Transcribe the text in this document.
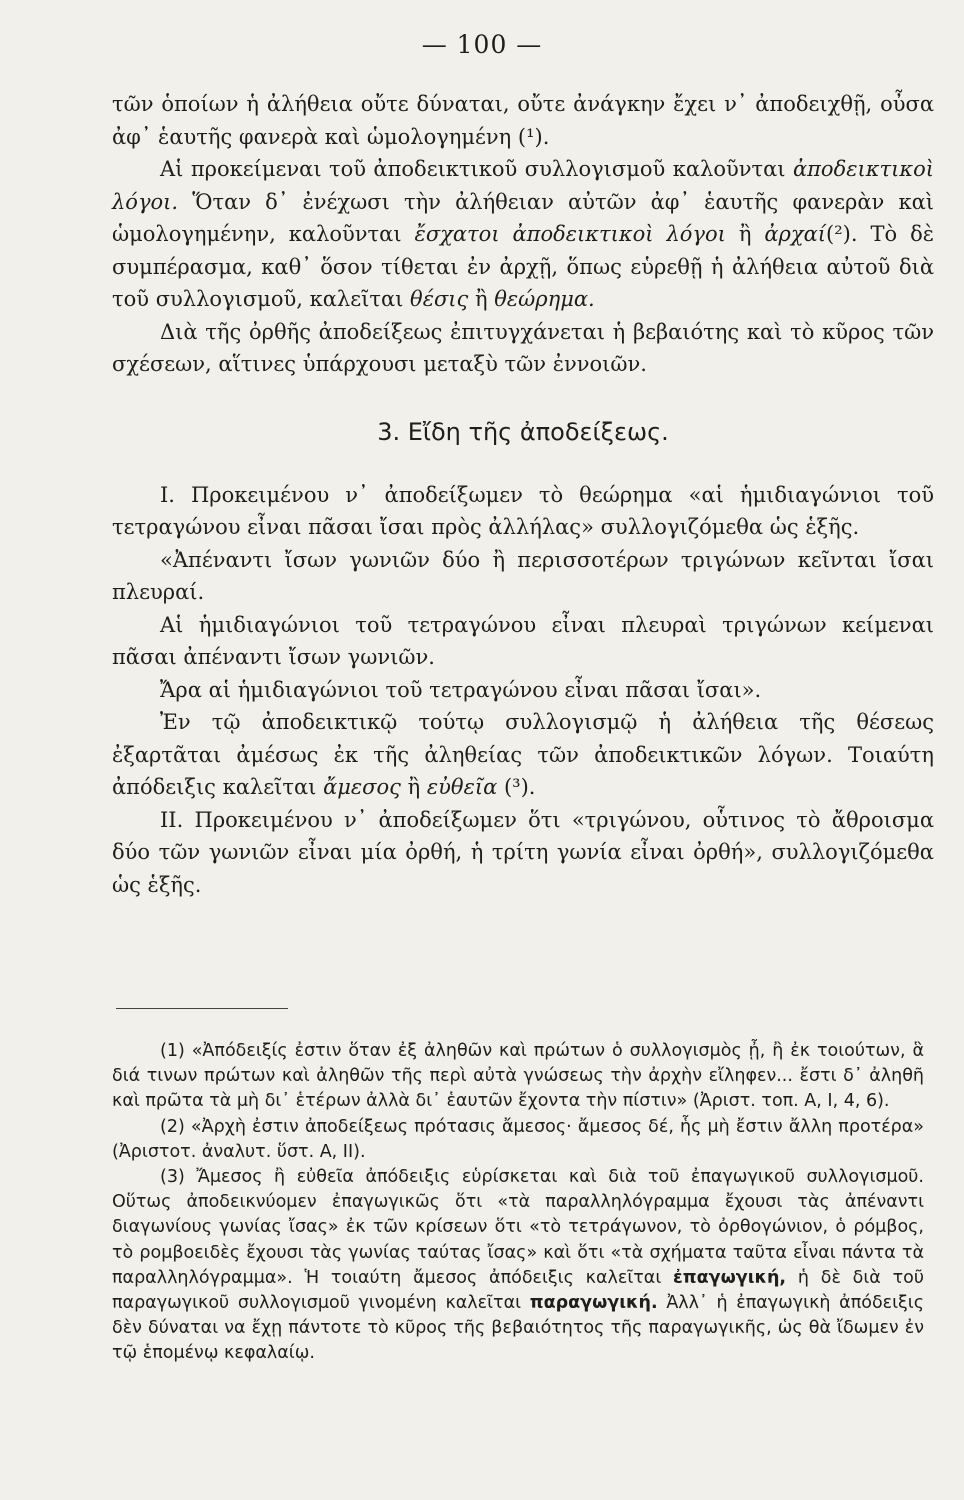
— 100 —

τῶν ὁποίων ἡ ἀλήθεια οὔτε δύναται, οὔτε ἀνάγκην ἔχει ν᾽ ἀποδειχθῇ, οὖσα ἀφ᾽ ἑαυτῆς φανερὰ καὶ ὡμολογημένη (¹).

Αἱ προκείμεναι τοῦ ἀποδεικτικοῦ συλλογισμοῦ καλοῦνται ἀποδεικτικοὶ λόγοι. Ὅταν δ᾽ ἐνέχωσι τὴν ἀλήθειαν αὐτῶν ἀφ᾽ ἑαυτῆς φανερὰν καὶ ὡμολογημένην, καλοῦνται ἔσχατοι ἀποδεικτικοὶ λόγοι ἢ ἀρχαί(²). Τὸ δὲ συμπέρασμα, καθ᾽ ὅσον τίθεται ἐν ἀρχῇ, ὅπως εὑρεθῇ ἡ ἀλήθεια αὐτοῦ διὰ τοῦ συλλογισμοῦ, καλεῖται θέσις ἢ θεώρημα.

Διὰ τῆς ὀρθῆς ἀποδείξεως ἐπιτυγχάνεται ἡ βεβαιότης καὶ τὸ κῦρος τῶν σχέσεων, αἵτινες ὑπάρχουσι μεταξὺ τῶν ἐννοιῶν.

3. Εἴδη τῆς ἀποδείξεως.

I. Προκειμένου ν᾽ ἀποδείξωμεν τὸ θεώρημα «αἱ ἡμιδιαγώνιοι τοῦ τετραγώνου εἶναι πᾶσαι ἴσαι πρὸς ἀλλήλας» συλλογιζόμεθα ὡς ἑξῆς.

«Ἀπέναντι ἴσων γωνιῶν δύο ἢ περισσοτέρων τριγώνων κεῖνται ἴσαι πλευραί.

Αἱ ἡμιδιαγώνιοι τοῦ τετραγώνου εἶναι πλευραὶ τριγώνων κείμεναι πᾶσαι ἀπέναντι ἴσων γωνιῶν.

Ἄρα αἱ ἡμιδιαγώνιοι τοῦ τετραγώνου εἶναι πᾶσαι ἴσαι».

Ἐν τῷ ἀποδεικτικῷ τούτῳ συλλογισμῷ ἡ ἀλήθεια τῆς θέσεως ἐξαρτᾶται ἀμέσως ἐκ τῆς ἀληθείας τῶν ἀποδεικτικῶν λόγων. Τοιαύτη ἀπόδειξις καλεῖται ἄμεσος ἢ εὐθεῖα (³).

II. Προκειμένου ν᾽ ἀποδείξωμεν ὅτι «τριγώνου, οὗτινος τὸ ἄθροισμα δύο τῶν γωνιῶν εἶναι μία ὀρθή, ἡ τρίτη γωνία εἶναι ὀρθή», συλλογιζόμεθα ὡς ἑξῆς.

(1) «Ἀπόδειξίς ἐστιν ὅταν ἐξ ἀληθῶν καὶ πρώτων ὁ συλλογισμὸς ᾖ, ἢ ἐκ τοιούτων, ἃ διά τινων πρώτων καὶ ἀληθῶν τῆς περὶ αὐτὰ γνώσεως τὴν ἀρχὴν εἴληφεν... ἔστι δ᾽ ἀληθῆ καὶ πρῶτα τὰ μὴ δι᾽ ἑτέρων ἀλλὰ δι᾽ ἑαυτῶν ἔχοντα τὴν πίστιν» (Ἀριστ. τοπ. Α, Ι, 4, 6).

(2) «Ἀρχὴ ἐστιν ἀποδείξεως πρότασις ἄμεσος· ἄμεσος δέ, ἧς μὴ ἔστιν ἄλλη προτέρα» (Ἀριστοτ. ἀναλυτ. ὕστ. Α, ΙΙ).

(3) Ἄμεσος ἢ εὐθεῖα ἀπόδειξις εὑρίσκεται καὶ διὰ τοῦ ἐπαγωγικοῦ συλλογισμοῦ. Οὕτως ἀποδεικνύομεν ἐπαγωγικῶς ὅτι «τὰ παραλληλόγραμμα ἔχουσι τὰς ἀπέναντι διαγωνίους γωνίας ἴσας» ἐκ τῶν κρίσεων ὅτι «τὸ τετράγωνον, τὸ ὀρθογώνιον, ὁ ρόμβος, τὸ ρομβοειδὲς ἔχουσι τὰς γωνίας ταύτας ἴσας» καὶ ὅτι «τὰ σχήματα ταῦτα εἶναι πάντα τὰ παραλληλόγραμμα». Ἡ τοιαύτη ἄμεσος ἀπόδειξις καλεῖται ἐπαγωγική, ἡ δὲ διὰ τοῦ παραγωγικοῦ συλλογισμοῦ γινομένη καλεῖται παραγωγική. Ἀλλ᾽ ἡ ἐπαγωγικὴ ἀπόδειξις δὲν δύναται να ἔχῃ πάντοτε τὸ κῦρος τῆς βεβαιότητος τῆς παραγωγικῆς, ὡς θὰ ἴδωμεν ἐν τῷ ἑπομένῳ κεφαλαίῳ.
